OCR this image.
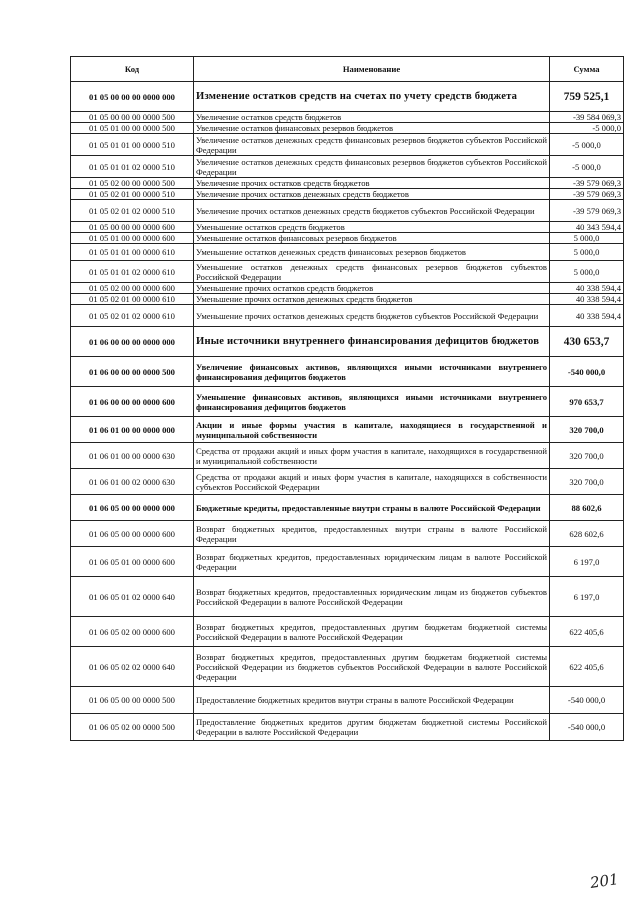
Код	Наименование	Сумма
01 05 00 00 00 0000 000	Изменение остатков средств на счетах по учету средств бюджета	759 525,1
01 05 00 00 00 0000 500	Увеличение остатков средств бюджетов	-39 584 069,3
01 05 01 00 00 0000 500	Увеличение остатков финансовых резервов бюджетов	-5 000,0
01 05 01 01 00 0000 510	Увеличение остатков денежных средств финансовых резервов бюджетов субъектов Российской Федерации	-5 000,0
01 05 01 01 02 0000 510	Увеличение остатков денежных средств финансовых резервов бюджетов субъектов Российской Федерации	-5 000,0
01 05 02 00 00 0000 500	Увеличение прочих остатков средств бюджетов	-39 579 069,3
01 05 02 01 00 0000 510	Увеличение прочих остатков денежных средств бюджетов	-39 579 069,3
01 05 02 01 02 0000 510	Увеличение прочих остатков денежных средств бюджетов субъектов Российской Федерации	-39 579 069,3
01 05 00 00 00 0000 600	Уменьшение остатков средств бюджетов	40 343 594,4
01 05 01 00 00 0000 600	Уменьшение остатков финансовых резервов бюджетов	5 000,0
01 05 01 01 00 0000 610	Уменьшение остатков денежных средств финансовых резервов бюджетов	5 000,0
01 05 01 01 02 0000 610	Уменьшение остатков денежных средств финансовых резервов бюджетов субъектов Российской Федерации	5 000,0
01 05 02 00 00 0000 600	Уменьшение прочих остатков средств бюджетов	40 338 594,4
01 05 02 01 00 0000 610	Уменьшение прочих остатков денежных средств бюджетов	40 338 594,4
01 05 02 01 02 0000 610	Уменьшение прочих остатков денежных средств бюджетов субъектов Российской Федерации	40 338 594,4
01 06 00 00 00 0000 000	Иные источники внутреннего финансирования дефицитов бюджетов	430 653,7
01 06 00 00 00 0000 500	Увеличение финансовых активов, являющихся иными источниками внутреннего финансирования дефицитов бюджетов	-540 000,0
01 06 00 00 00 0000 600	Уменьшение финансовых активов, являющихся иными источниками внутреннего финансирования дефицитов бюджетов	970 653,7
01 06 01 00 00 0000 000	Акции и иные формы участия в капитале, находящиеся в государственной и муниципальной собственности	320 700,0
01 06 01 00 00 0000 630	Средства от продажи акций и иных форм участия в капитале, находящихся в государственной и муниципальной собственности	320 700,0
01 06 01 00 02 0000 630	Средства от продажи акций и иных форм участия в капитале, находящихся в собственности субъектов Российской Федерации	320 700,0
01 06 05 00 00 0000 000	Бюджетные кредиты, предоставленные внутри страны в валюте Российской Федерации	88 602,6
01 06 05 00 00 0000 600	Возврат бюджетных кредитов, предоставленных внутри страны в валюте Российской Федерации	628 602,6
01 06 05 01 00 0000 600	Возврат бюджетных кредитов, предоставленных юридическим лицам в валюте Российской Федерации	6 197,0
01 06 05 01 02 0000 640	Возврат бюджетных кредитов, предоставленных юридическим лицам из бюджетов субъектов Российской Федерации в валюте Российской Федерации	6 197,0
01 06 05 02 00 0000 600	Возврат бюджетных кредитов, предоставленных другим бюджетам бюджетной системы Российской Федерации в валюте Российской Федерации	622 405,6
01 06 05 02 02 0000 640	Возврат бюджетных кредитов, предоставленных другим бюджетам бюджетной системы Российской Федерации из бюджетов субъектов Российской Федерации в валюте Российской Федерации	622 405,6
01 06 05 00 00 0000 500	Предоставление бюджетных кредитов внутри страны в валюте Российской Федерации	-540 000,0
01 06 05 02 00 0000 500	Предоставление бюджетных кредитов другим бюджетам бюджетной системы Российской Федерации в валюте Российской Федерации	-540 000,0
201
